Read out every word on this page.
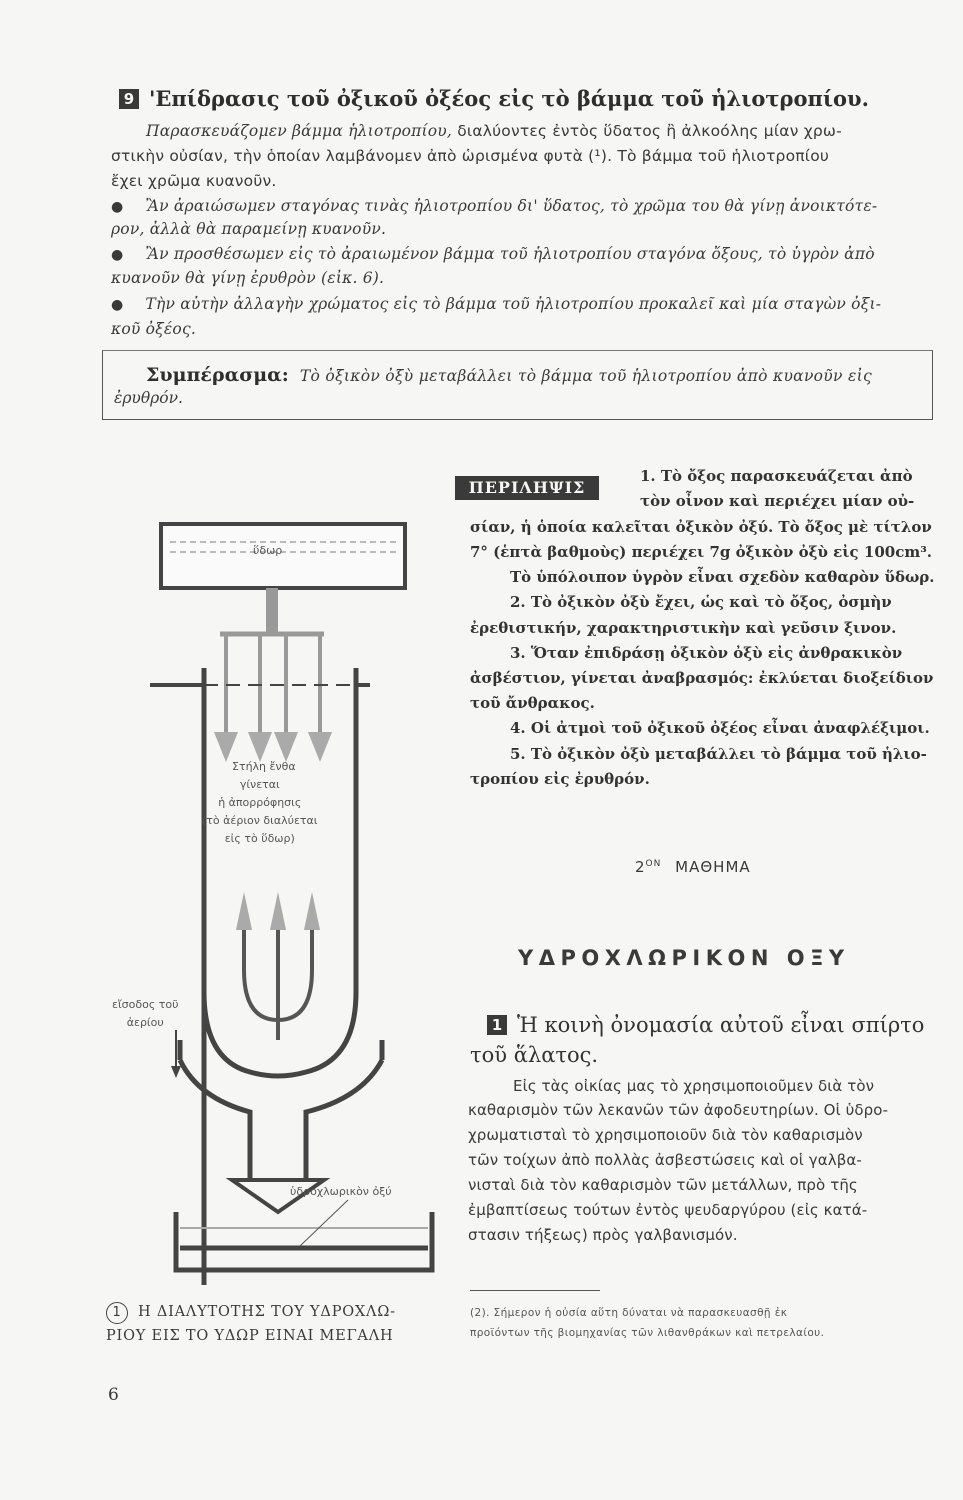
9 'Επίδρασις τοῦ ὀξικοῦ ὀξέος εἰς τὸ βάμμα τοῦ ἡλιοτροπίου.
Παρασκευάζομεν βάμμα ἡλιοτροπίου, διαλύοντες ἐντὸς ὕδατος ἢ ἀλκοόλης μίαν χρω-
στικὴν οὐσίαν, τὴν ὁποίαν λαμβάνομεν ἀπὸ ὡρισμένα φυτὰ (¹). Τὸ βάμμα τοῦ ἡλιοτροπίου
ἔχει χρῶμα κυανοῦν.
● Ἂν ἀραιώσωμεν σταγόνας τινὰς ἡλιοτροπίου δι' ὕδατος, τὸ χρῶμα του θὰ γίνῃ ἀνοικτότε-
ρον, ἀλλὰ θὰ παραμείνῃ κυανοῦν.
● Ἂν προσθέσωμεν εἰς τὸ ἀραιωμένον βάμμα τοῦ ἡλιοτροπίου σταγόνα ὄξους, τὸ ὑγρὸν ἀπὸ
κυανοῦν θὰ γίνῃ ἐρυθρὸν (εἰκ. 6).
● Τὴν αὐτὴν ἀλλαγὴν χρώματος εἰς τὸ βάμμα τοῦ ἡλιοτροπίου προκαλεῖ καὶ μία σταγὼν ὀξι-
κοῦ ὀξέος.
Συμπέρασμα: Τὸ ὀξικὸν ὀξὺ μεταβάλλει τὸ βάμμα τοῦ ἡλιοτροπίου ἀπὸ κυανοῦν εἰς
ἐρυθρόν.
ΠΕΡΙΛΗΨΙΣ
1. Τὸ ὄξος παρασκευάζεται ἀπὸ
τὸν οἶνον καὶ περιέχει μίαν οὐ-
σίαν, ἡ ὁποία καλεῖται ὀξικὸν ὀξύ. Τὸ ὄξος μὲ τίτλον
7° (ἑπτὰ βαθμοὺς) περιέχει 7g ὀξικὸν ὀξὺ εἰς 100cm³.
Τὸ ὑπόλοιπον ὑγρὸν εἶναι σχεδὸν καθαρὸν ὕδωρ.
2. Τὸ ὀξικὸν ὀξὺ ἔχει, ὡς καὶ τὸ ὄξος, ὀσμὴν
ἐρεθιστικήν, χαρακτηριστικὴν καὶ γεῦσιν ξινον.
3. Ὅταν ἐπιδράσῃ ὀξικὸν ὀξὺ εἰς ἀνθρακικὸν
ἀσβέστιον, γίνεται ἀναβρασμός: ἐκλύεται διοξείδιον
τοῦ ἄνθρακος.
4. Οἱ ἀτμοὶ τοῦ ὀξικοῦ ὀξέος εἶναι ἀναφλέξιμοι.
5. Τὸ ὀξικὸν ὀξὺ μεταβάλλει τὸ βάμμα τοῦ ἡλιο-
τροπίου εἰς ἐρυθρόν.
$2^{ON}$ ΜΑΘΗΜΑ
ΥΔΡΟΧΛΩΡΙΚΟΝ ΟΞΥ
1 Ἡ κοινὴ ὀνομασία αὐτοῦ εἶναι σπίρτο
τοῦ ἅλατος.
Εἰς τὰς οἰκίας μας τὸ χρησιμοποιοῦμεν διὰ τὸν
καθαρισμὸν τῶν λεκανῶν τῶν ἀφοδευτηρίων. Οἱ ὑδρο-
χρωματισταὶ τὸ χρησιμοποιοῦν διὰ τὸν καθαρισμὸν
τῶν τοίχων ἀπὸ πολλὰς ἀσβεστώσεις καὶ οἱ γαλβα-
νισταὶ διὰ τὸν καθαρισμὸν τῶν μετάλλων, πρὸ τῆς
ἐμβαπτίσεως τούτων ἐντὸς ψευδαργύρου (εἰς κατά-
στασιν τήξεως) πρὸς γαλβανισμόν.
(2). Σήμερον ἡ οὐσία αὕτη δύναται νὰ παρασκευασθῇ ἐκ
προϊόντων τῆς βιομηχανίας τῶν λιθανθράκων καὶ πετρελαίου.
ὕδωρ
Στήλη ἔνθα
γίνεται
ἡ ἀπορρόφησις
(τὸ ἀέριον διαλύεται
εἰς τὸ ὕδωρ)
εἴσοδος τοῦ
ἀερίου
ὑδροχλωρικὸν ὀξύ
1 Η ΔΙΑΛΥΤΟΤΗΣ ΤΟΥ ΥΔΡΟΧΛΩ-
ΡΙΟΥ ΕΙΣ ΤΟ ΥΔΩΡ ΕΙΝΑΙ ΜΕΓΑΛΗ
6
